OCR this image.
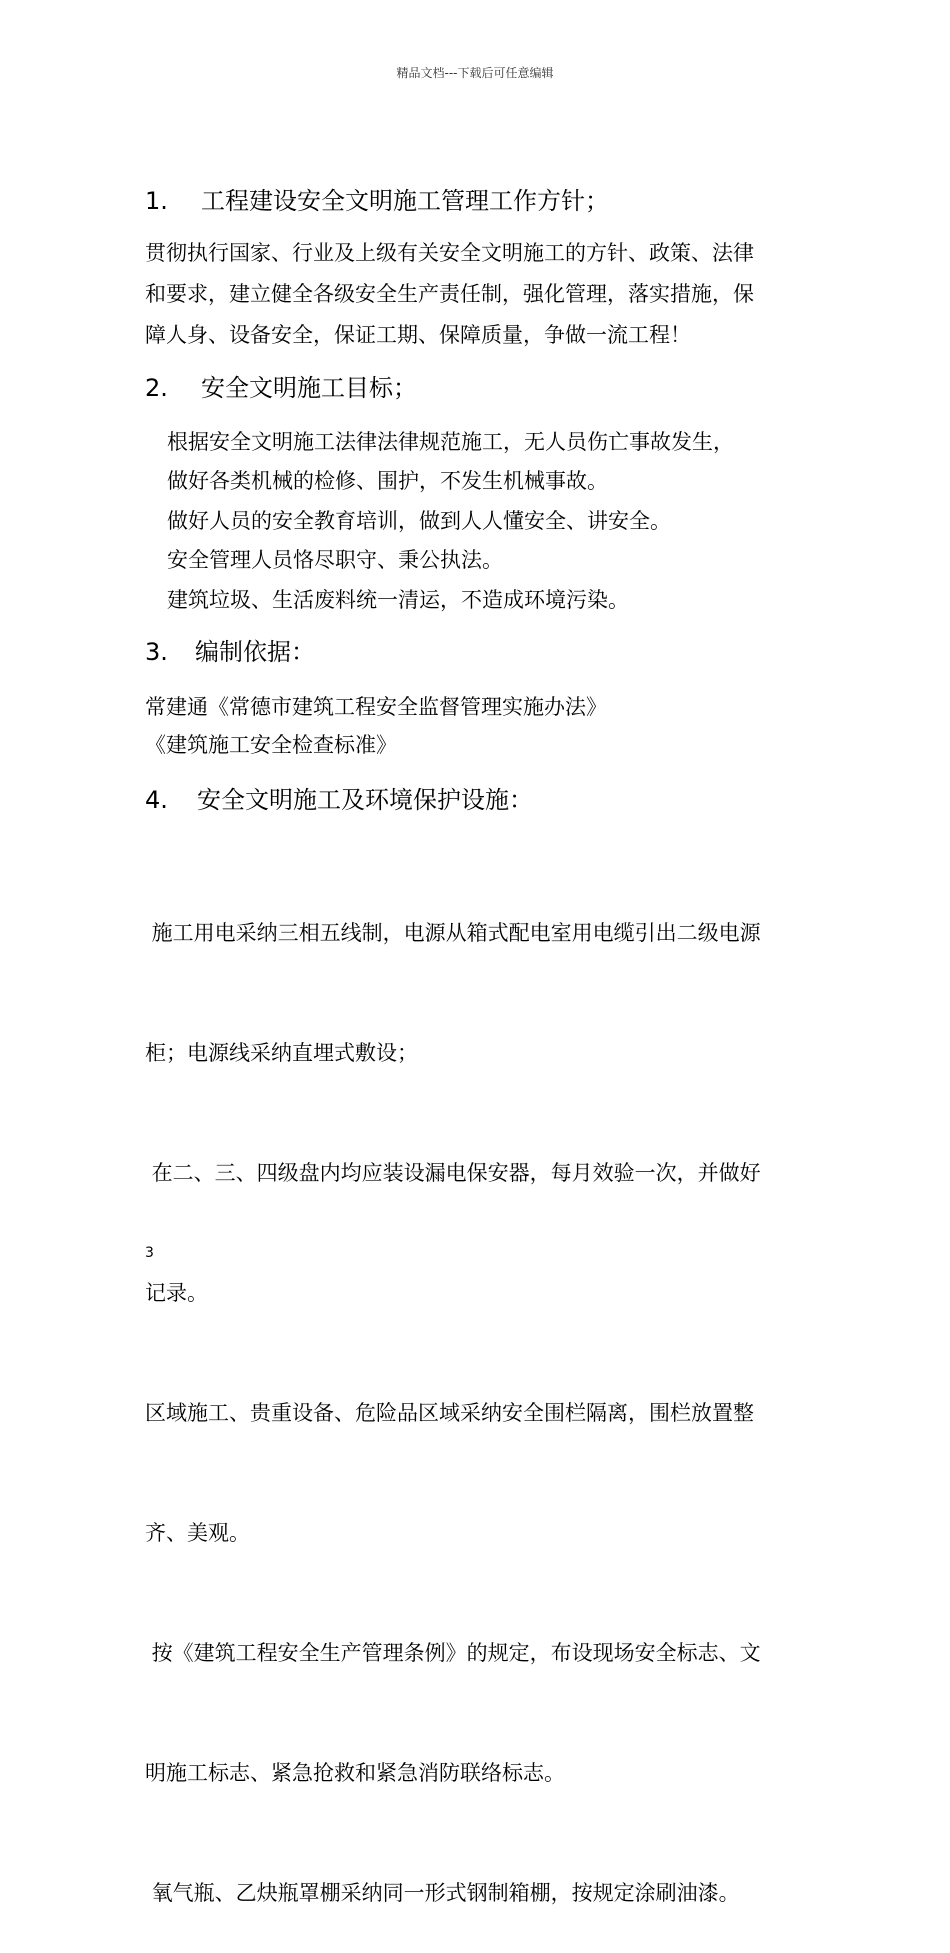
精品文档---下载后可任意编辑
1. 工程建设安全文明施工管理工作方针；
贯彻执行国家、行业及上级有关安全文明施工的方针、政策、法律
和要求，建立健全各级安全生产责任制，强化管理，落实措施，保
障人身、设备安全，保证工期、保障质量，争做一流工程！
2. 安全文明施工目标；
根据安全文明施工法律法律规范施工，无人员伤亡事故发生，
做好各类机械的检修、围护，不发生机械事故。
做好人员的安全教育培训，做到人人懂安全、讲安全。
安全管理人员恪尽职守、秉公执法。
建筑垃圾、生活废料统一清运，不造成环境污染。
3. 编制依据：
常建通《常德市建筑工程安全监督管理实施办法》
《建筑施工安全检查标准》
4. 安全文明施工及环境保护设施：

施工用电采纳三相五线制，电源从箱式配电室用电缆引出二级电源

柜；电源线采纳直埋式敷设；

在二、三、四级盘内均应装设漏电保安器，每月效验一次，并做好

记录。

区域施工、贵重设备、危险品区域采纳安全围栏隔离，围栏放置整

齐、美观。

按《建筑工程安全生产管理条例》的规定，布设现场安全标志、文

明施工标志、紧急抢救和紧急消防联络标志。

氧气瓶、乙炔瓶罩棚采纳同一形式钢制箱棚，按规定涂刷油漆。

3
